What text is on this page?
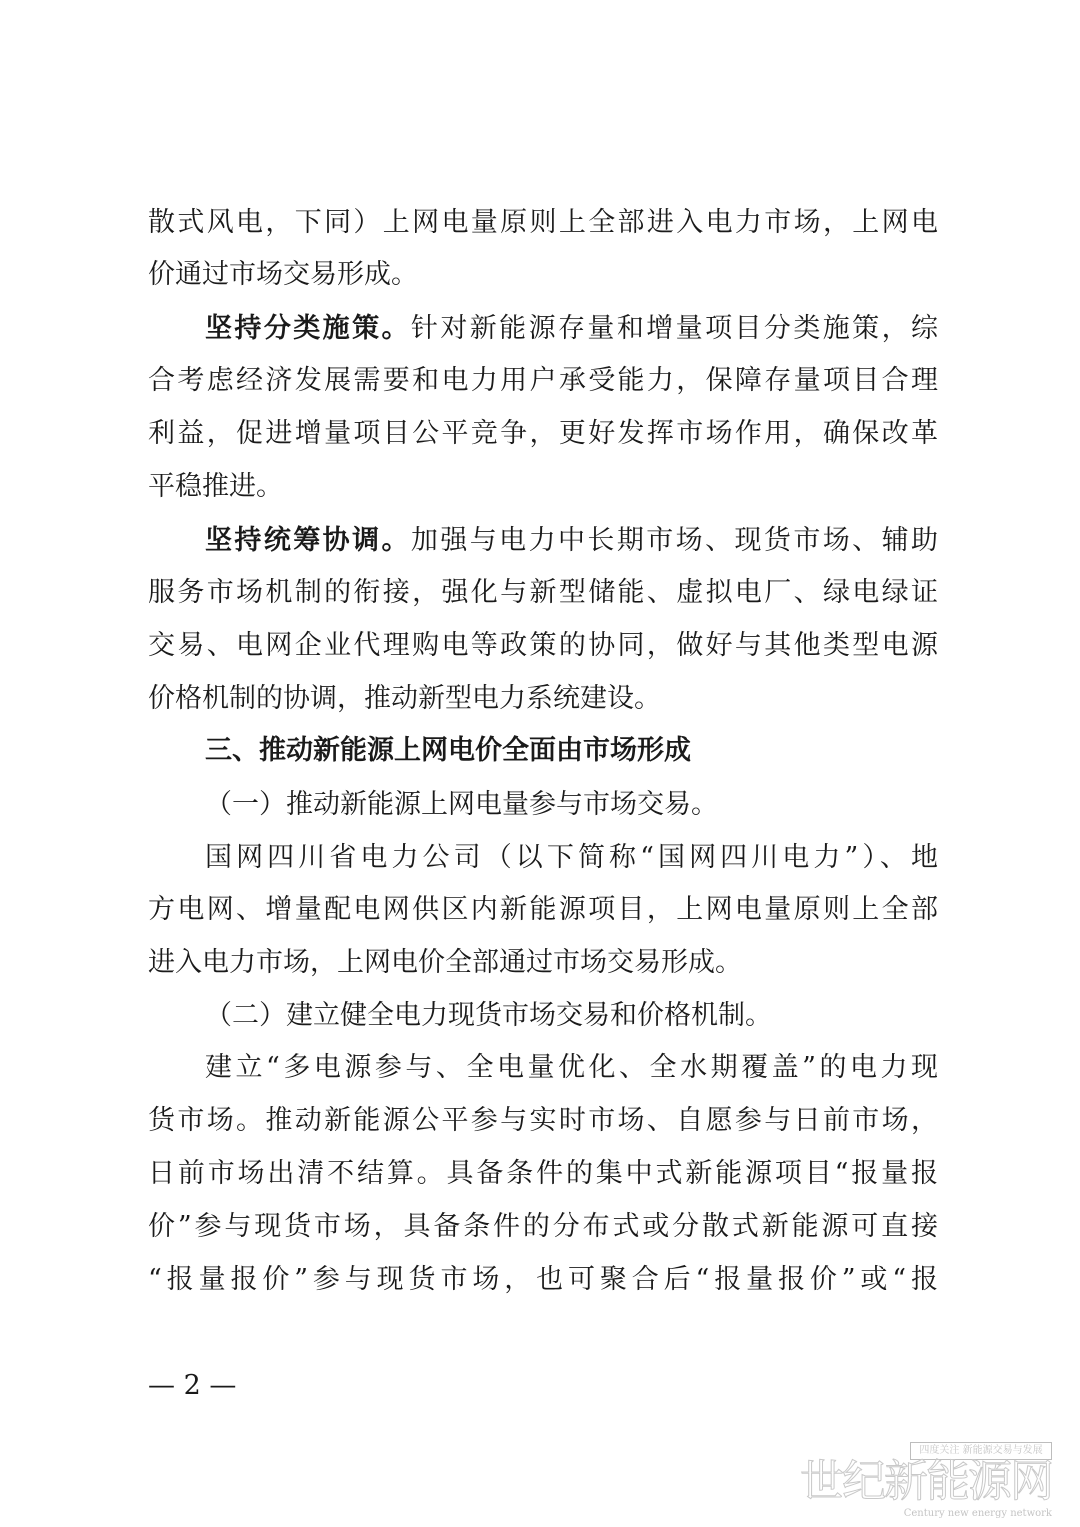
散式风电，下同）上网电量原则上全部进入电力市场，上网电
价通过市场交易形成。
坚持分类施策。针对新能源存量和增量项目分类施策，综
合考虑经济发展需要和电力用户承受能力，保障存量项目合理
利益，促进增量项目公平竞争，更好发挥市场作用，确保改革
平稳推进。
坚持统筹协调。加强与电力中长期市场、现货市场、辅助
服务市场机制的衔接，强化与新型储能、虚拟电厂、绿电绿证
交易、电网企业代理购电等政策的协同，做好与其他类型电源
价格机制的协调，推动新型电力系统建设。
三、推动新能源上网电价全面由市场形成
（一）推动新能源上网电量参与市场交易。
国网四川省电力公司（以下简称“国网四川电力”）、地
方电网、增量配电网供区内新能源项目，上网电量原则上全部
进入电力市场，上网电价全部通过市场交易形成。
（二）建立健全电力现货市场交易和价格机制。
建立“多电源参与、全电量优化、全水期覆盖”的电力现
货市场。推动新能源公平参与实时市场、自愿参与日前市场，
日前市场出清不结算。具备条件的集中式新能源项目“报量报
价”参与现货市场，具备条件的分布式或分散式新能源可直接
“报量报价”参与现货市场，也可聚合后“报量报价”或“报
— 2 —
四度关注 新能源交易与发展
世纪新能源网
Century new energy network
